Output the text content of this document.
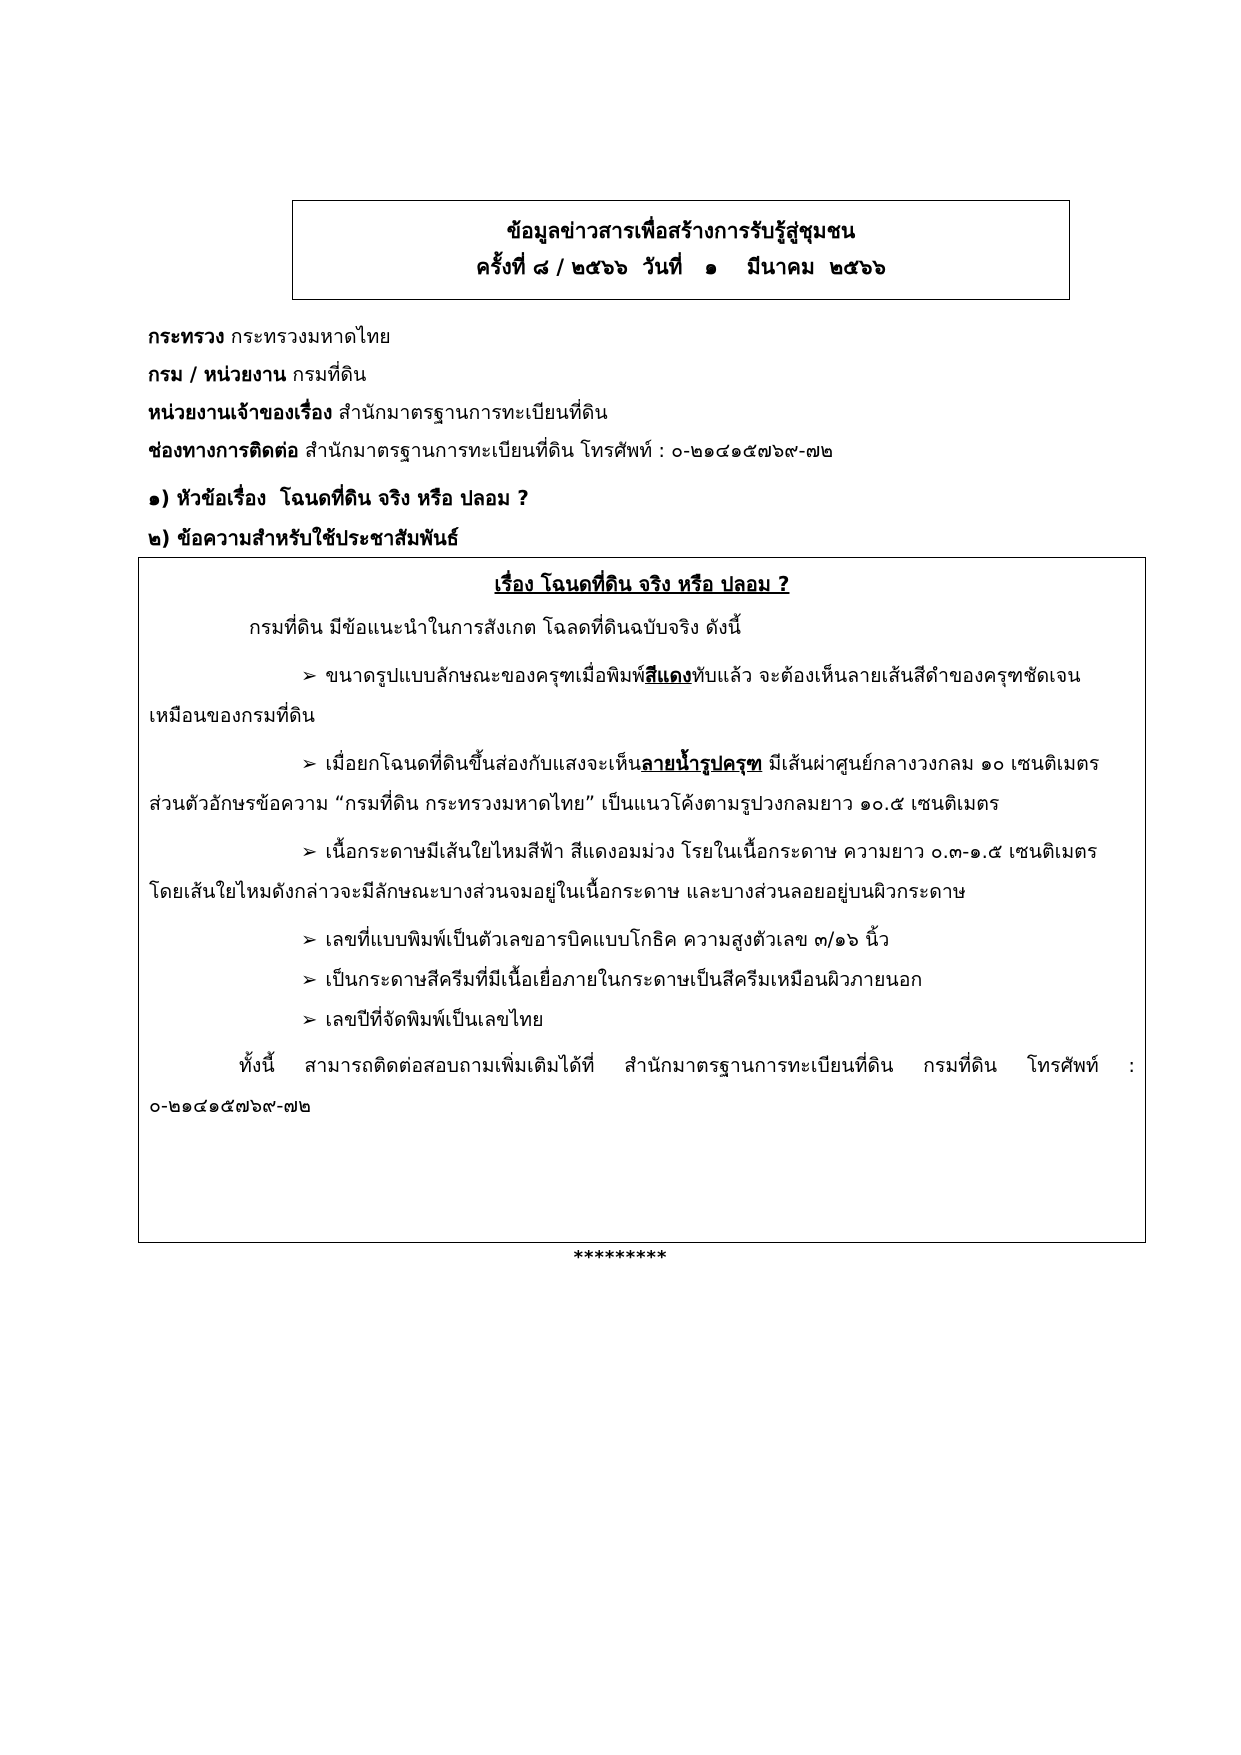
ข้อมูลข่าวสารเพื่อสร้างการรับรู้สู่ชุมชน
ครั้งที่ ๘ / ๒๕๖๖  วันที่   ๑    มีนาคม  ๒๕๖๖
กระทรวง กระทรวงมหาดไทย
กรม / หน่วยงาน กรมที่ดิน
หน่วยงานเจ้าของเรื่อง สำนักมาตรฐานการทะเบียนที่ดิน
ช่องทางการติดต่อ สำนักมาตรฐานการทะเบียนที่ดิน โทรศัพท์ : ๐-๒๑๔๑๕๗๖๙-๗๒
๑) หัวข้อเรื่อง  โฉนดที่ดิน จริง หรือ ปลอม ?
๒) ข้อความสำหรับใช้ประชาสัมพันธ์
เรื่อง โฉนดที่ดิน จริง หรือ ปลอม ?
กรมที่ดิน มีข้อแนะนำในการสังเกต โฉลดที่ดินฉบับจริง ดังนี้
➢ ขนาดรูปแบบลักษณะของครุฑเมื่อพิมพ์สีแดงทับแล้ว จะต้องเห็นลายเส้นสีดำของครุฑชัดเจนเหมือนของกรมที่ดิน
➢ เมื่อยกโฉนดที่ดินขึ้นส่องกับแสงจะเห็นลายน้ำรูปครุฑ มีเส้นผ่าศูนย์กลางวงกลม ๑๐ เซนติเมตร ส่วนตัวอักษรข้อความ “กรมที่ดิน กระทรวงมหาดไทย” เป็นแนวโค้งตามรูปวงกลมยาว ๑๐.๕ เซนติเมตร
➢ เนื้อกระดาษมีเส้นใยไหมสีฟ้า สีแดงอมม่วง โรยในเนื้อกระดาษ ความยาว ๐.๓-๑.๕ เซนติเมตร โดยเส้นใยไหมดังกล่าวจะมีลักษณะบางส่วนจมอยู่ในเนื้อกระดาษ และบางส่วนลอยอยู่บนผิวกระดาษ
➢ เลขที่แบบพิมพ์เป็นตัวเลขอารบิคแบบโกธิค ความสูงตัวเลข ๓/๑๖ นิ้ว
➢ เป็นกระดาษสีครีมที่มีเนื้อเยื่อภายในกระดาษเป็นสีครีมเหมือนผิวภายนอก
➢ เลขปีที่จัดพิมพ์เป็นเลขไทย
ทั้งนี้ สามารถติดต่อสอบถามเพิ่มเติมได้ที่ สำนักมาตรฐานการทะเบียนที่ดิน กรมที่ดิน โทรศัพท์ : ๐-๒๑๔๑๕๗๖๙-๗๒
*********
